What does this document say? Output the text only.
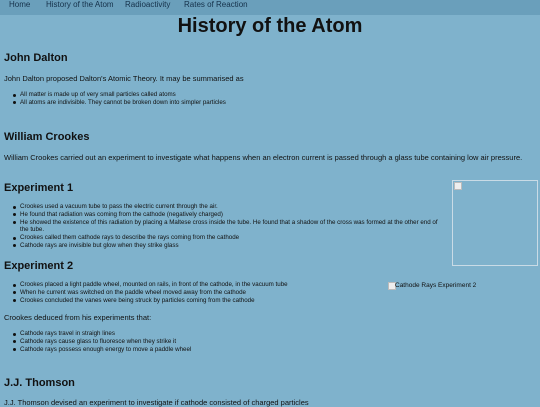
Home History of the Atom Radioactivity Rates of Reaction
History of the Atom
John Dalton

John Dalton proposed Dalton's Atomic Theory. It may be summarised as

All matter is made up of very small particles called atoms
All atoms are indivisible. They cannot be broken down into simpler particles
William Crookes

William Crookes carried out an experiment to investigate what happens when an electron current is passed through a glass tube containing low air pressure.

Experiment 1
Crookes used a vacuum tube to pass the electric current through the air.
He found that radiation was coming from the cathode (negatively charged)
He showed the existence of this radiation by placing a Maltese cross inside the tube. He found that a shadow of the cross was formed at the other end of the tube.
Crookes called them cathode rays to describe the rays coming from the cathode
Cathode rays are invisible but glow when they strike glass
Experiment 2
Crookes placed a light paddle wheel, mounted on rails, in front of the cathode, in the vacuum tube
When he current was switched on the paddle wheel moved away from the cathode
Crookes concluded the vanes were being struck by particles coming from the cathode
Cathode Rays Experiment 2

Crookes deduced from his experiments that:

Cathode rays travel in straigh lines
Cathode rays cause glass to fluoresce when they strike it
Cathode rays possess enough energy to move a paddle wheel
J.J. Thomson

J.J. Thomson devised an experiment to investigate if cathode consisted of charged particles
